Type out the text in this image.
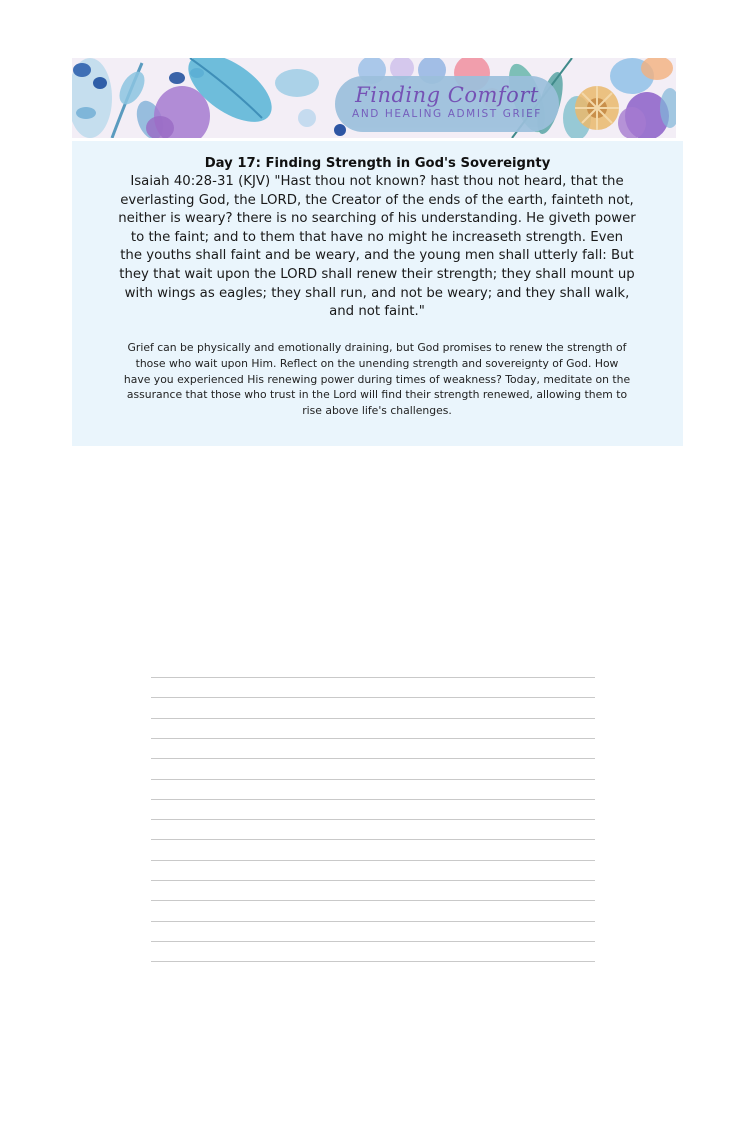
Finding Comfort
AND HEALING ADMIST GRIEF
Day 17: Finding Strength in God's Sovereignty
Isaiah 40:28-31 (KJV) "Hast thou not known? hast thou not heard, that the everlasting God, the LORD, the Creator of the ends of the earth, fainteth not, neither is weary? there is no searching of his understanding. He giveth power to the faint; and to them that have no might he increaseth strength. Even the youths shall faint and be weary, and the young men shall utterly fall: But they that wait upon the LORD shall renew their strength; they shall mount up with wings as eagles; they shall run, and not be weary; and they shall walk, and not faint."
Grief can be physically and emotionally draining, but God promises to renew the strength of those who wait upon Him. Reflect on the unending strength and sovereignty of God. How have you experienced His renewing power during times of weakness? Today, meditate on the assurance that those who trust in the Lord will find their strength renewed, allowing them to rise above life's challenges.
